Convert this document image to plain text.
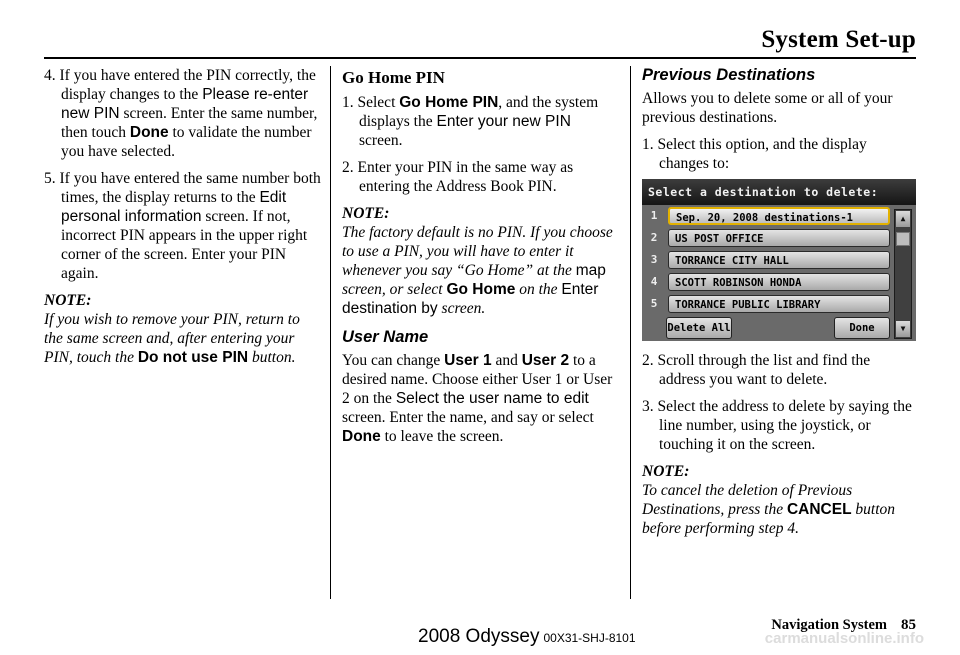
System Set-up

4. If you have entered the PIN correctly, the display changes to the Please re-enter new PIN screen. Enter the same number, then touch Done to validate the number you have selected.

5. If you have entered the same number both times, the display returns to the Edit personal information screen. If not, incorrect PIN appears in the upper right corner of the screen. Enter your PIN again.

NOTE:

If you wish to remove your PIN, return to the same screen and, after entering your PIN, touch the Do not use PIN button.

Go Home PIN

1. Select Go Home PIN, and the system displays the Enter your new PIN screen.

2. Enter your PIN in the same way as entering the Address Book PIN.

NOTE:

The factory default is no PIN. If you choose to use a PIN, you will have to enter it whenever you say “Go Home” at the map screen, or select Go Home on the Enter destination by screen.

User Name

You can change User 1 and User 2 to a desired name. Choose either User 1 or User 2 on the Select the user name to edit screen. Enter the name, and say or select Done to leave the screen.

Previous Destinations

Allows you to delete some or all of your previous destinations.

1. Select this option, and the display changes to:

Select a destination to delete:
1	Sep. 20, 2008 destinations-1
2	US POST OFFICE
3	TORRANCE CITY HALL
4	SCOTT ROBINSON HONDA
5	TORRANCE PUBLIC LIBRARY
Delete All	Done
▲
▼

2. Scroll through the list and find the address you want to delete.

3. Select the address to delete by saying the line number, using the joystick, or touching it on the screen.

NOTE:

To cancel the deletion of Previous Destinations, press the CANCEL button before performing step 4.

Navigation System 85
2008 Odyssey 00X31-SHJ-8101	carmanualsonline.info
